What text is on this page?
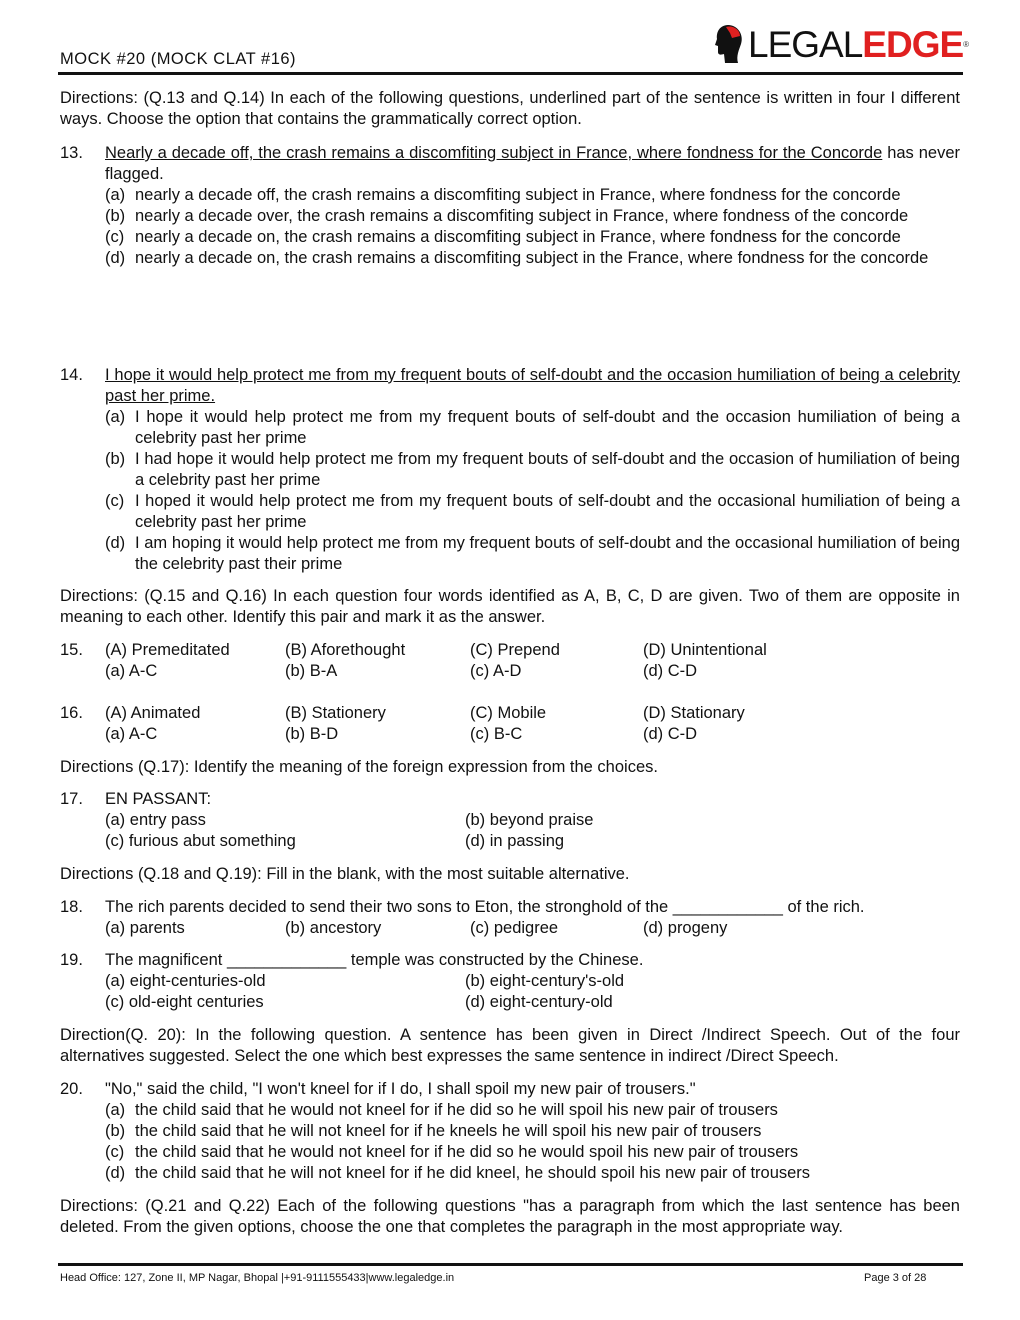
MOCK #20 (MOCK CLAT #16)	LEGAL EDGE ®
Directions: (Q.13 and Q.14) In each of the following questions, underlined part of the sentence is written in four I different ways. Choose the option that contains the grammatically correct option.
13. Nearly a decade off, the crash remains a discomfiting subject in France, where fondness for the Concorde has never flagged.
(a) nearly a decade off, the crash remains a discomfiting subject in France, where fondness for the concorde
(b) nearly a decade over, the crash remains a discomfiting subject in France, where fondness of the concorde
(c) nearly a decade on, the crash remains a discomfiting subject in France, where fondness for the concorde
(d) nearly a decade on, the crash remains a discomfiting subject in the France, where fondness for the concorde
14. I hope it would help protect me from my frequent bouts of self-doubt and the occasion humiliation of being a celebrity past her prime.
(a) I hope it would help protect me from my frequent bouts of self-doubt and the occasion humiliation of being a celebrity past her prime
(b) I had hope it would help protect me from my frequent bouts of self-doubt and the occasion of humiliation of being a celebrity past her prime
(c) I hoped it would help protect me from my frequent bouts of self-doubt and the occasional humiliation of being a celebrity past her prime
(d) I am hoping it would help protect me from my frequent bouts of self-doubt and the occasional humiliation of being the celebrity past their prime
Directions: (Q.15 and Q.16) In each question four words identified as A, B, C, D are given. Two of them are opposite in meaning to each other. Identify this pair and mark it as the answer.
15. (A) Premeditated	(B) Aforethought	(C) Prepend	(D) Unintentional
(a) A-C	(b) B-A	(c) A-D	(d) C-D
16. (A) Animated	(B) Stationery	(C) Mobile	(D) Stationary
(a) A-C	(b) B-D	(c) B-C	(d) C-D
Directions (Q.17): Identify the meaning of the foreign expression from the choices.
17. EN PASSANT:
(a) entry pass	(b) beyond praise
(c) furious abut something	(d) in passing
Directions (Q.18 and Q.19): Fill in the blank, with the most suitable alternative.
18. The rich parents decided to send their two sons to Eton, the stronghold of the ____________ of the rich.
(a) parents	(b) ancestory	(c) pedigree	(d) progeny
19. The magnificent _____________ temple was constructed by the Chinese.
(a) eight-centuries-old	(b) eight-century's-old
(c) old-eight centuries	(d) eight-century-old
Direction(Q. 20): In the following question. A sentence has been given in Direct /Indirect Speech. Out of the four alternatives suggested. Select the one which best expresses the same sentence in indirect /Direct Speech.
20. "No," said the child, "I won't kneel for if I do, I shall spoil my new pair of trousers."
(a) the child said that he would not kneel for if he did so he will spoil his new pair of trousers
(b) the child said that he will not kneel for if he kneels he will spoil his new pair of trousers
(c) the child said that he would not kneel for if he did so he would spoil his new pair of trousers
(d) the child said that he will not kneel for if he did kneel, he should spoil his new pair of trousers
Directions: (Q.21 and Q.22) Each of the following questions "has a paragraph from which the last sentence has been deleted. From the given options, choose the one that completes the paragraph in the most appropriate way.
Head Office: 127, Zone II, MP Nagar, Bhopal |+91-9111555433|www.legaledge.in	Page 3 of 28
